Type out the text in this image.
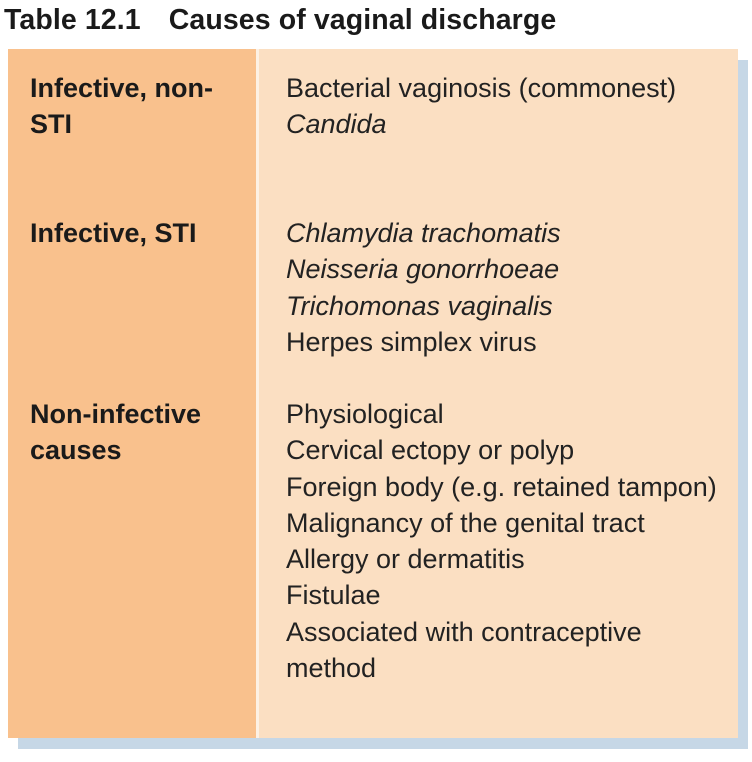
Table 12.1 Causes of vaginal discharge
Infective, non-STI
Bacterial vaginosis (commonest)
Candida
Infective, STI	Chlamydia trachomatis
Neisseria gonorrhoeae
Trichomonas vaginalis
Herpes simplex virus
Non-infective causes
Physiological
Cervical ectopy or polyp
Foreign body (e.g. retained tampon)
Malignancy of the genital tract
Allergy or dermatitis
Fistulae
Associated with contraceptive method
